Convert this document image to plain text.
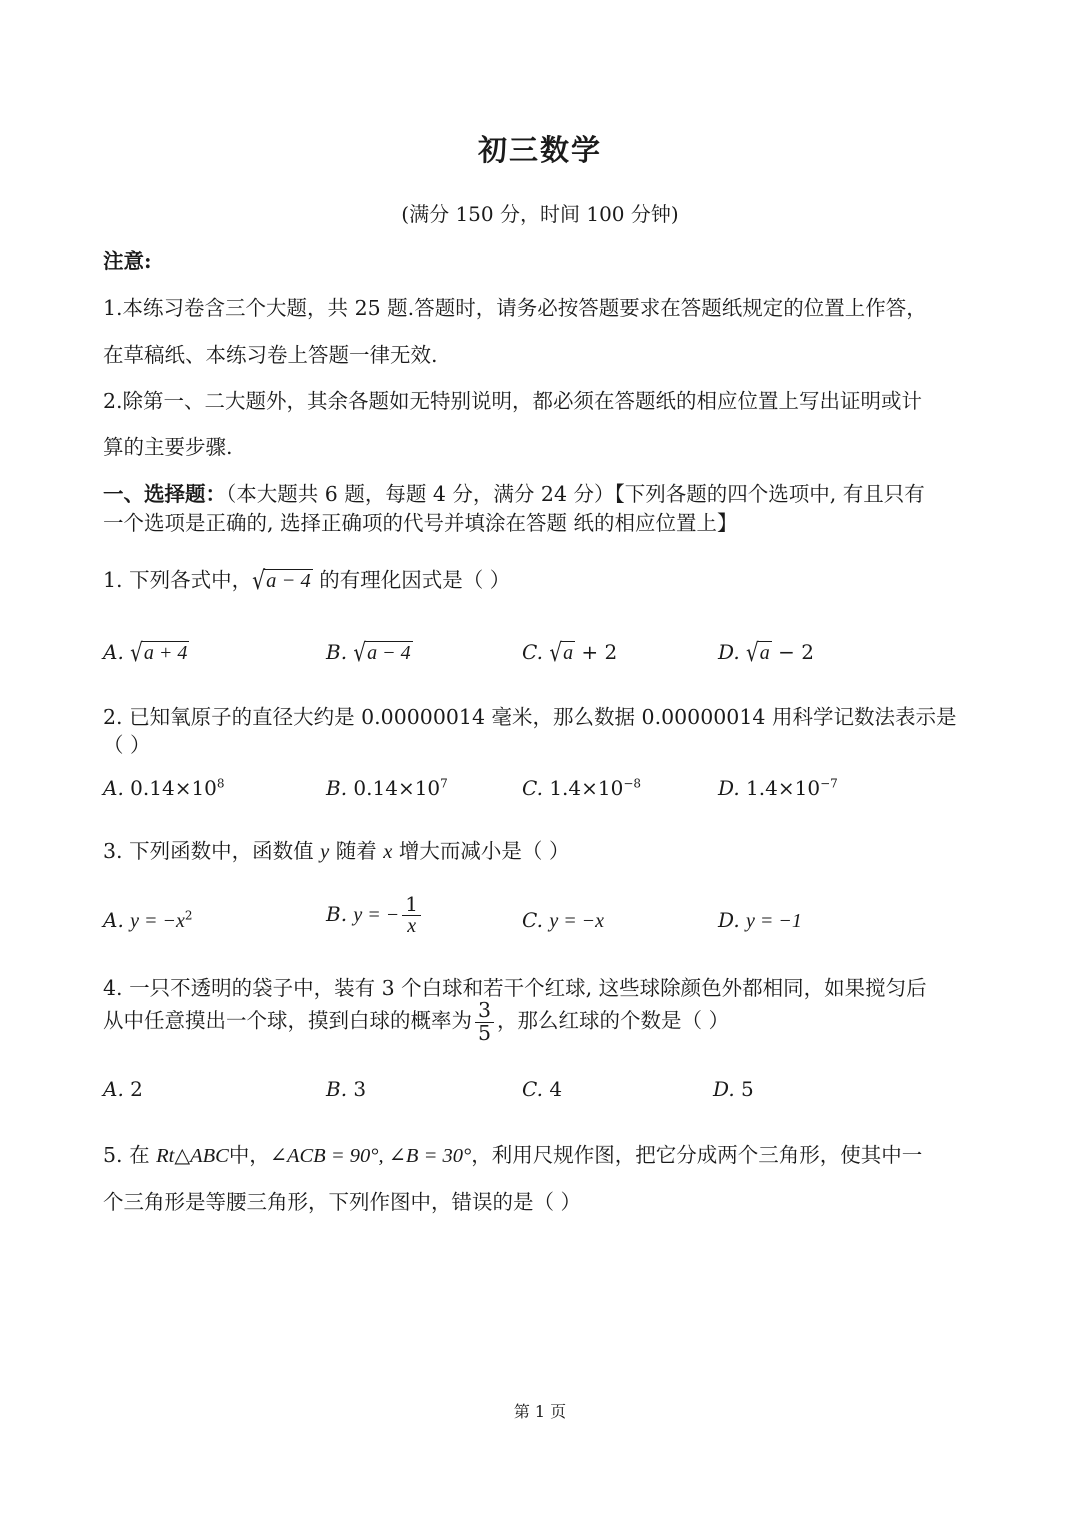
初三数学
(满分 150 分，时间 100 分钟)
注意:
1.本练习卷含三个大题，共 25 题.答题时，请务必按答题要求在答题纸规定的位置上作答，
在草稿纸、本练习卷上答题一律无效.
2.除第一、二大题外，其余各题如无特别说明，都必须在答题纸的相应位置上写出证明或计
算的主要步骤.
一、选择题：（本大题共 6 题，每题 4 分，满分 24 分）【下列各题的四个选项中, 有且只有
一个选项是正确的, 选择正确项的代号并填涂在答题 纸的相应位置上】
1. 下列各式中，√a − 4 的有理化因式是（ ）
A. √a + 4	B. √a − 4	C. √a + 2	D. √a − 2
2. 已知氧原子的直径大约是 0.00000014 毫米，那么数据 0.00000014 用科学记数法表示是
（ ）
A. $0.14\times 10^8$	B. $0.14\times 10^7$	C. $1.4\times 10^{-8}$	D. $1.4\times 10^{-7}$
3. 下列函数中，函数值 y 随着 x 增大而减小是（ ）
A. $y = -x^2$	B. y = − $\frac{1}{x}$	C. y = −x	D. y = −1
4. 一只不透明的袋子中，装有 3 个白球和若干个红球, 这些球除颜色外都相同，如果搅匀后
从中任意摸出一个球，摸到白球的概率为 $\frac{3}{5}$ ，那么红球的个数是（ ）
A. 2	B. 3	C. 4	D. 5
5. 在 Rt△ABC中，∠ACB = 90°, ∠B = 30°，利用尺规作图，把它分成两个三角形，使其中一
个三角形是等腰三角形，下列作图中，错误的是（ ）
第 1 页
